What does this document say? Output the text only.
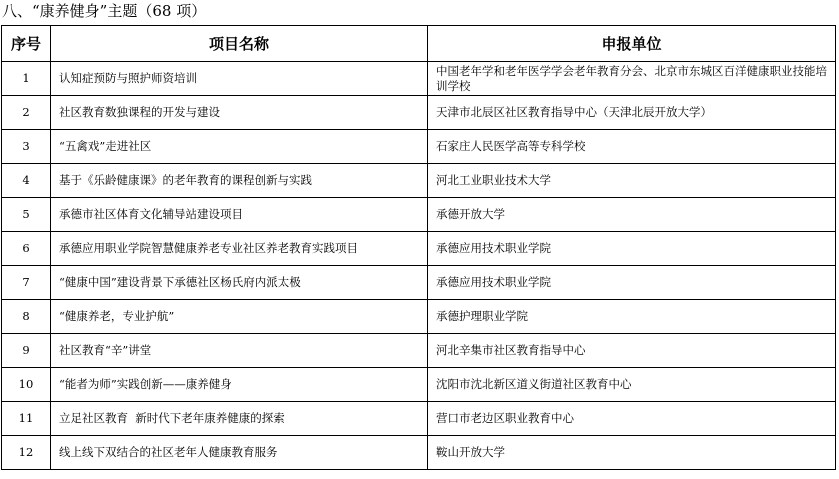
八、“康养健身”主题（68 项）
序号	项目名称	申报单位
1	认知症预防与照护师资培训	中国老年学和老年医学学会老年教育分会、北京市东城区百洋健康职业技能培训学校
2	社区教育数独课程的开发与建设	天津市北辰区社区教育指导中心（天津北辰开放大学）
3	“五禽戏”走进社区	石家庄人民医学高等专科学校
4	基于《乐龄健康课》的老年教育的课程创新与实践	河北工业职业技术大学
5	承德市社区体育文化辅导站建设项目	承德开放大学
6	承德应用职业学院智慧健康养老专业社区养老教育实践项目	承德应用技术职业学院
7	“健康中国”建设背景下承德社区杨氏府内派太极	承德应用技术职业学院
8	“健康养老，专业护航”	承德护理职业学院
9	社区教育“辛”讲堂	河北辛集市社区教育指导中心
10	“能者为师”实践创新——康养健身	沈阳市沈北新区道义街道社区教育中心
11	立足社区教育  新时代下老年康养健康的探索	营口市老边区职业教育中心
12	线上线下双结合的社区老年人健康教育服务	鞍山开放大学
